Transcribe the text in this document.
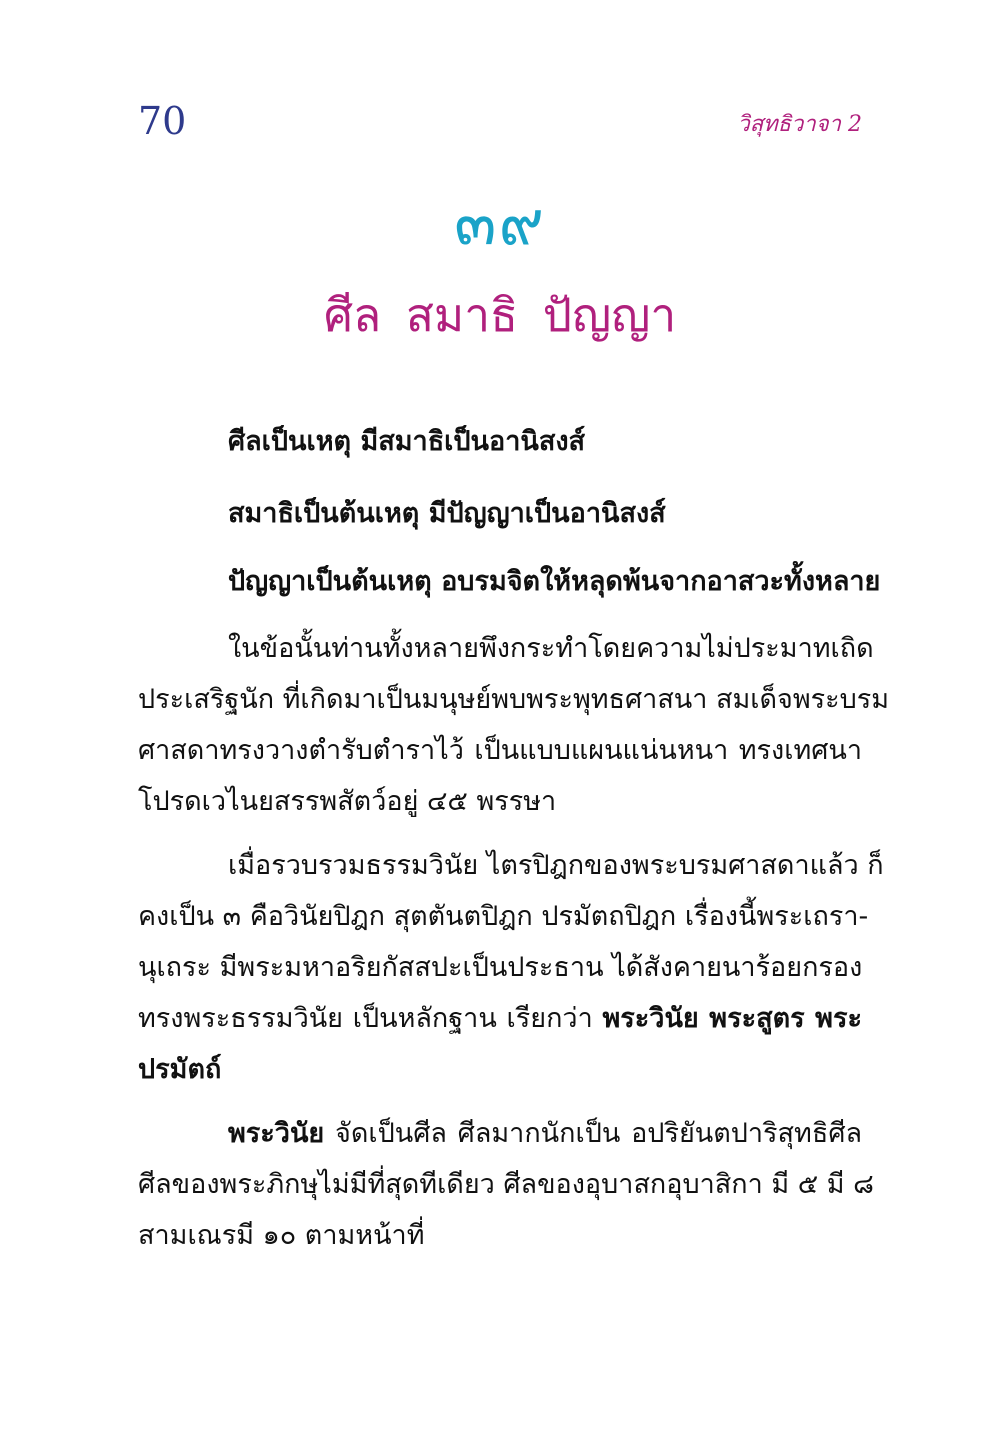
70	วิสุทธิวาจา 2
๓๙
ศีล สมาธิ ปัญญา
ศีลเป็นเหตุ มีสมาธิเป็นอานิสงส์
สมาธิเป็นต้นเหตุ มีปัญญาเป็นอานิสงส์
ปัญญาเป็นต้นเหตุ อบรมจิตให้หลุดพ้นจากอาสวะทั้งหลาย
ในข้อนั้นท่านทั้งหลายพึงกระทำโดยความไม่ประมาทเถิด
ประเสริฐนัก ที่เกิดมาเป็นมนุษย์พบพระพุทธศาสนา สมเด็จพระบรม
ศาสดาทรงวางตำรับตำราไว้ เป็นแบบแผนแน่นหนา ทรงเทศนา
โปรดเวไนยสรรพสัตว์อยู่ ๔๕ พรรษา
เมื่อรวบรวมธรรมวินัย ไตรปิฎกของพระบรมศาสดาแล้ว ก็
คงเป็น ๓ คือวินัยปิฎก สุตตันตปิฎก ปรมัตถปิฎก เรื่องนี้พระเถรา-
นุเถระ มีพระมหาอริยกัสสปะเป็นประธาน ได้สังคายนาร้อยกรอง
ทรงพระธรรมวินัย เป็นหลักฐาน เรียกว่า พระวินัย พระสูตร พระ
ปรมัตถ์
พระวินัย จัดเป็นศีล ศีลมากนักเป็น อปริยันตปาริสุทธิศีล
ศีลของพระภิกษุไม่มีที่สุดทีเดียว ศีลของอุบาสกอุบาสิกา มี ๕ มี ๘
สามเณรมี ๑๐ ตามหน้าที่
